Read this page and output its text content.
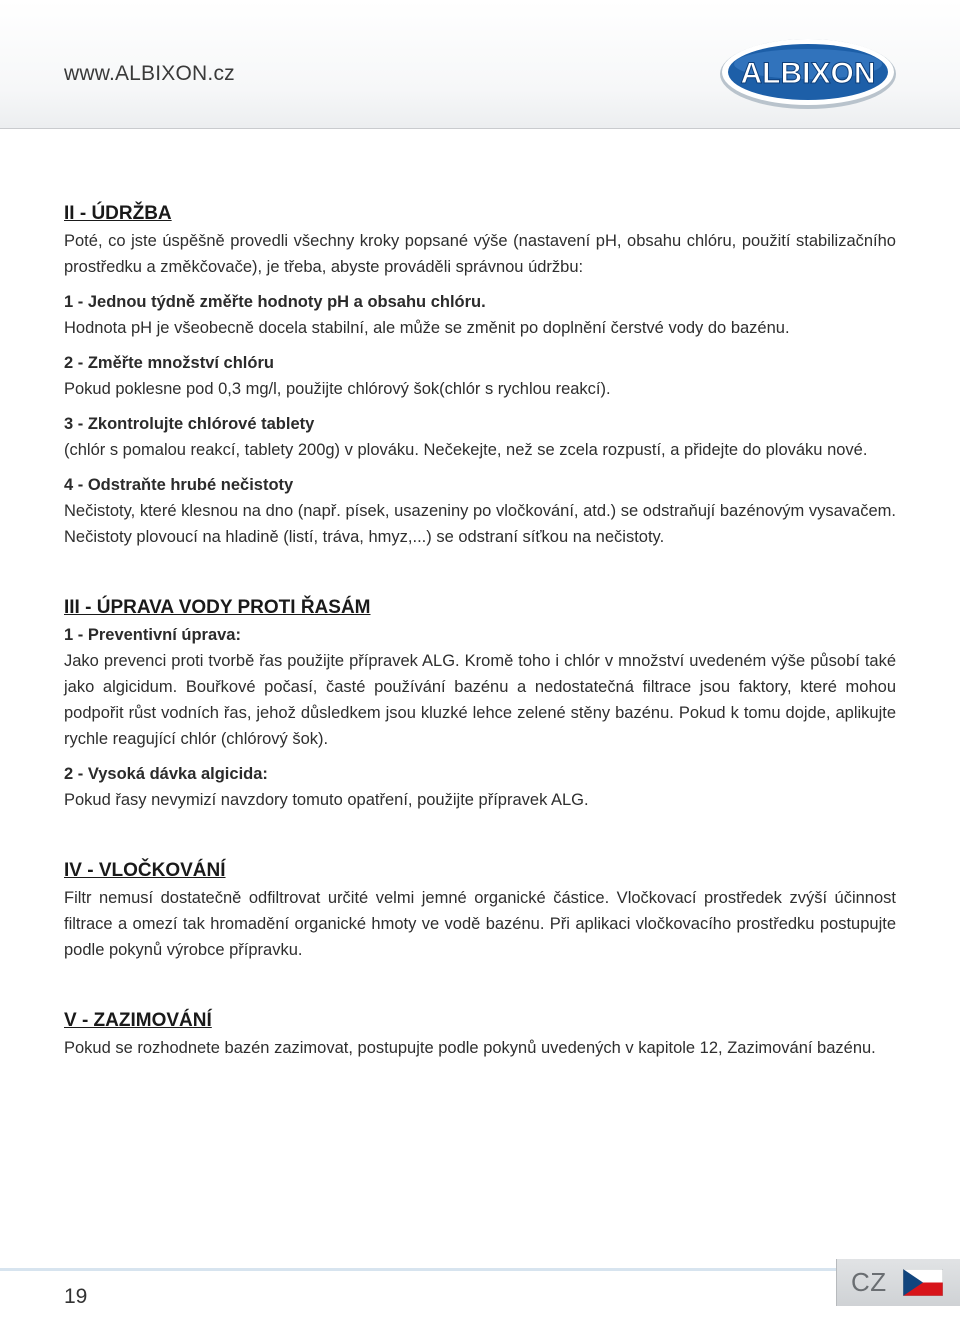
www.ALBIXON.cz	ALBIXON
II - ÚDRŽBA
Poté, co jste úspěšně provedli všechny kroky popsané výše (nastavení pH, obsahu chlóru, použití stabilizačního prostředku a změkčovače), je třeba, abyste prováděli správnou údržbu:
1 - Jednou týdně změřte hodnoty pH a obsahu chlóru.
Hodnota pH je všeobecně docela stabilní, ale může se změnit po doplnění čerstvé vody do bazénu.
2 - Změřte množství chlóru
Pokud poklesne pod 0,3 mg/l, použijte chlórový šok(chlór s rychlou reakcí).
3 - Zkontrolujte chlórové tablety
(chlór s pomalou reakcí, tablety 200g) v plováku. Nečekejte, než se zcela rozpustí, a přidejte do plováku nové.
4 - Odstraňte hrubé nečistoty
Nečistoty, které klesnou na dno (např. písek, usazeniny po vločkování, atd.) se odstraňují bazénovým vysavačem. Nečistoty plovoucí na hladině (listí, tráva, hmyz,...) se odstraní síťkou na nečistoty.
III - ÚPRAVA VODY PROTI ŘASÁM
1 - Preventivní úprava:
Jako prevenci proti tvorbě řas použijte přípravek ALG. Kromě toho i chlór v množství uvedeném výše působí také jako algicidum. Bouřkové počasí, časté používání bazénu a nedostatečná filtrace jsou faktory, které mohou podpořit růst vodních řas, jehož důsledkem jsou kluzké lehce zelené stěny bazénu. Pokud k tomu dojde, aplikujte rychle reagující chlór (chlórový šok).
2 - Vysoká dávka algicida:
Pokud řasy nevymizí navzdory tomuto opatření, použijte přípravek ALG.
IV - VLOČKOVÁNÍ
Filtr nemusí dostatečně odfiltrovat určité velmi jemné organické částice. Vločkovací prostředek zvýší účinnost filtrace a omezí tak hromadění organické hmoty ve vodě bazénu. Při aplikaci vločkovacího prostředku postupujte podle pokynů výrobce přípravku.
V - ZAZIMOVÁNÍ
Pokud se rozhodnete bazén zazimovat, postupujte podle pokynů uvedených v kapitole 12, Zazimování bazénu.
19	CZ
